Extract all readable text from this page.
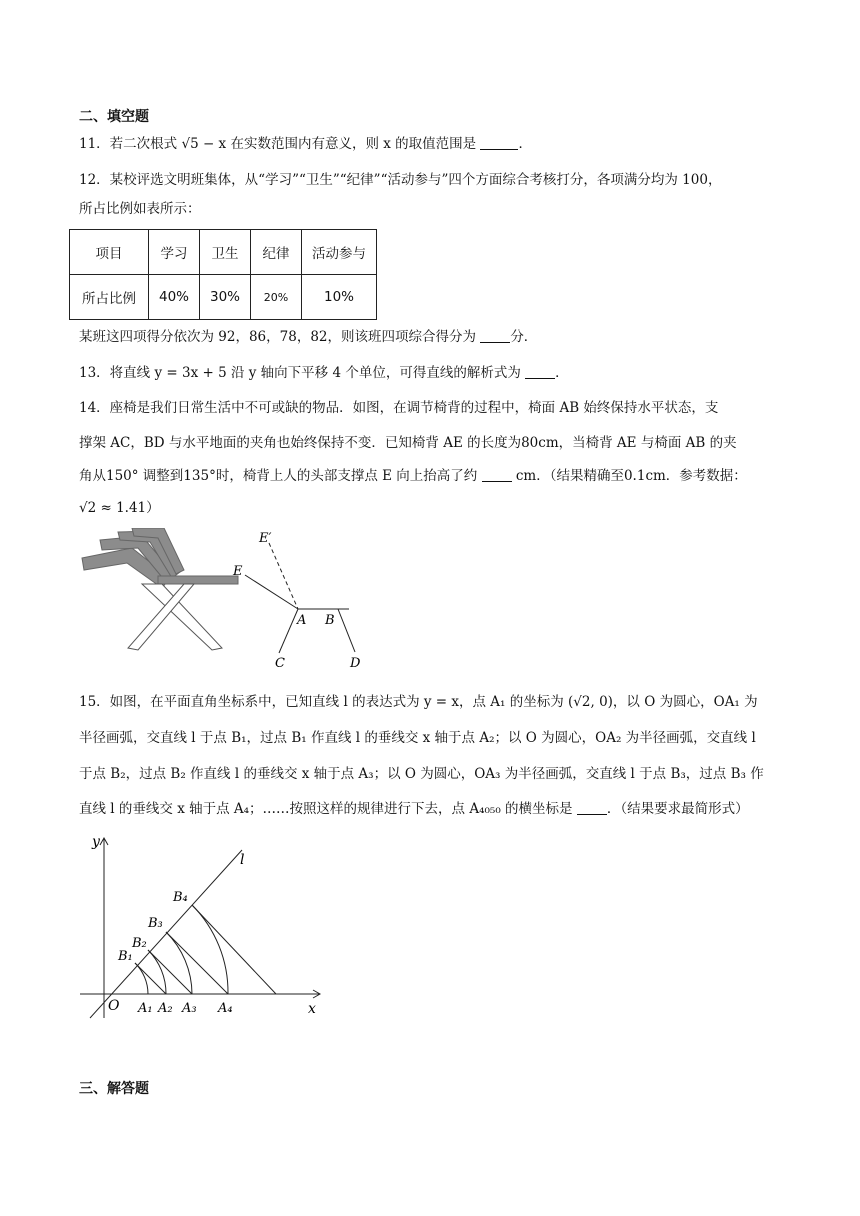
二、填空题
11．若二次根式 √5 − x 在实数范围内有意义，则 x 的取值范围是	．
12．某校评选文明班集体，从“学习”“卫生”“纪律”“活动参与”四个方面综合考核打分，各项满分均为 100，
所占比例如表所示：
项目	学习	卫生	纪律	活动参与
所占比例	40%	30%	20%	10%
某班这四项得分依次为 92，86，78，82，则该班四项综合得分为	分．
13．将直线 y = 3x + 5 沿 y 轴向下平移 4 个单位，可得直线的解析式为	．
14．座椅是我们日常生活中不可或缺的物品．如图，在调节椅背的过程中，椅面 AB 始终保持水平状态，支
撑架 AC，BD 与水平地面的夹角也始终保持不变．已知椅背 AE 的长度为80cm，当椅背 AE 与椅面 AB 的夹
角从150° 调整到135°时，椅背上人的头部支撑点 E 向上抬高了约	cm．（结果精确至0.1cm．参考数据：
√2 ≈ 1.41）
E
E′
A B
C	D
15．如图，在平面直角坐标系中，已知直线 l 的表达式为 y = x，点 A₁ 的坐标为 (√2, 0)，以 O 为圆心，OA₁ 为
半径画弧，交直线 l 于点 B₁，过点 B₁ 作直线 l 的垂线交 x 轴于点 A₂；以 O 为圆心，OA₂ 为半径画弧，交直线 l
于点 B₂，过点 B₂ 作直线 l 的垂线交 x 轴于点 A₃；以 O 为圆心，OA₃ 为半径画弧，交直线 l 于点 B₃，过点 B₃ 作
直线 l 的垂线交 x 轴于点 A₄；……按照这样的规律进行下去，点 A₄₀₅₀ 的横坐标是	．（结果要求最简形式）
y
x
l
O A₁ A₂ A₃ A₄
B₁
B₂
B₃
B₄
三、解答题
